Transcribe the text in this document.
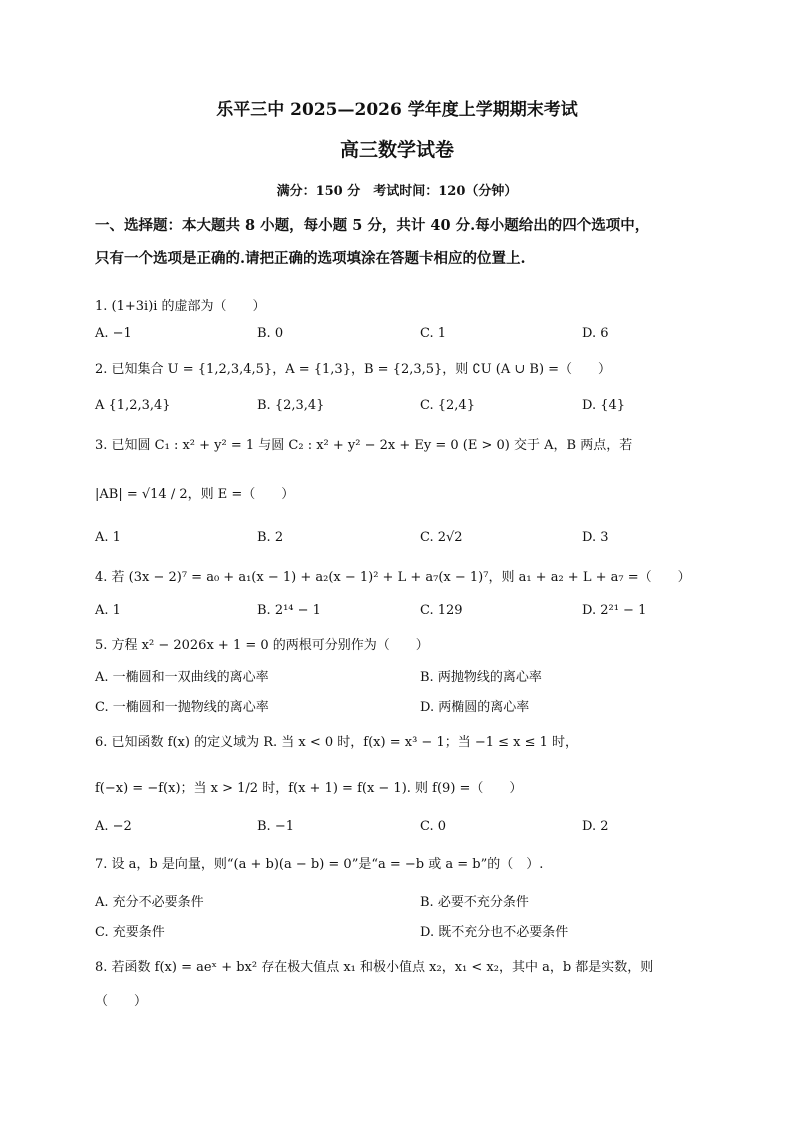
乐平三中 2025—2026 学年度上学期期末考试
高三数学试卷
满分：150 分　考试时间：120（分钟）
一、选择题：本大题共 8 小题，每小题 5 分，共计 40 分.每小题给出的四个选项中，
只有一个选项是正确的.请把正确的选项填涂在答题卡相应的位置上.
1. (1+3i)i 的虚部为（　　）
A. −1	B. 0	C. 1	D. 6
2. 已知集合 U = {1,2,3,4,5}，A = {1,3}，B = {2,3,5}，则 ∁U (A ∪ B) =（　　）
A {1,2,3,4}	B. {2,3,4}	C. {2,4}	D. {4}
3. 已知圆 C₁ : x² + y² = 1 与圆 C₂ : x² + y² − 2x + Ey = 0 (E > 0) 交于 A，B 两点，若
|AB| = √14 / 2，则 E =（　　）
A. 1	B. 2	C. 2√2	D. 3
4. 若 (3x − 2)⁷ = a₀ + a₁(x − 1) + a₂(x − 1)² + L + a₇(x − 1)⁷，则 a₁ + a₂ + L + a₇ =（　　）
A. 1	B. 2¹⁴ − 1	C. 129	D. 2²¹ − 1
5. 方程 x² − 2026x + 1 = 0 的两根可分别作为（　　）
A. 一椭圆和一双曲线的离心率	B. 两抛物线的离心率
C. 一椭圆和一抛物线的离心率	D. 两椭圆的离心率
6. 已知函数 f(x) 的定义域为 R. 当 x < 0 时，f(x) = x³ − 1；当 −1 ≤ x ≤ 1 时，
f(−x) = −f(x)；当 x > 1/2 时，f(x + 1) = f(x − 1). 则 f(9) =（　　）
A. −2	B. −1	C. 0	D. 2
7. 设 a，b 是向量，则“(a + b)(a − b) = 0”是“a = −b 或 a = b”的（　）.
A. 充分不必要条件	B. 必要不充分条件
C. 充要条件	D. 既不充分也不必要条件
8. 若函数 f(x) = aeˣ + bx² 存在极大值点 x₁ 和极小值点 x₂，x₁ < x₂，其中 a，b 都是实数，则
（　　）
